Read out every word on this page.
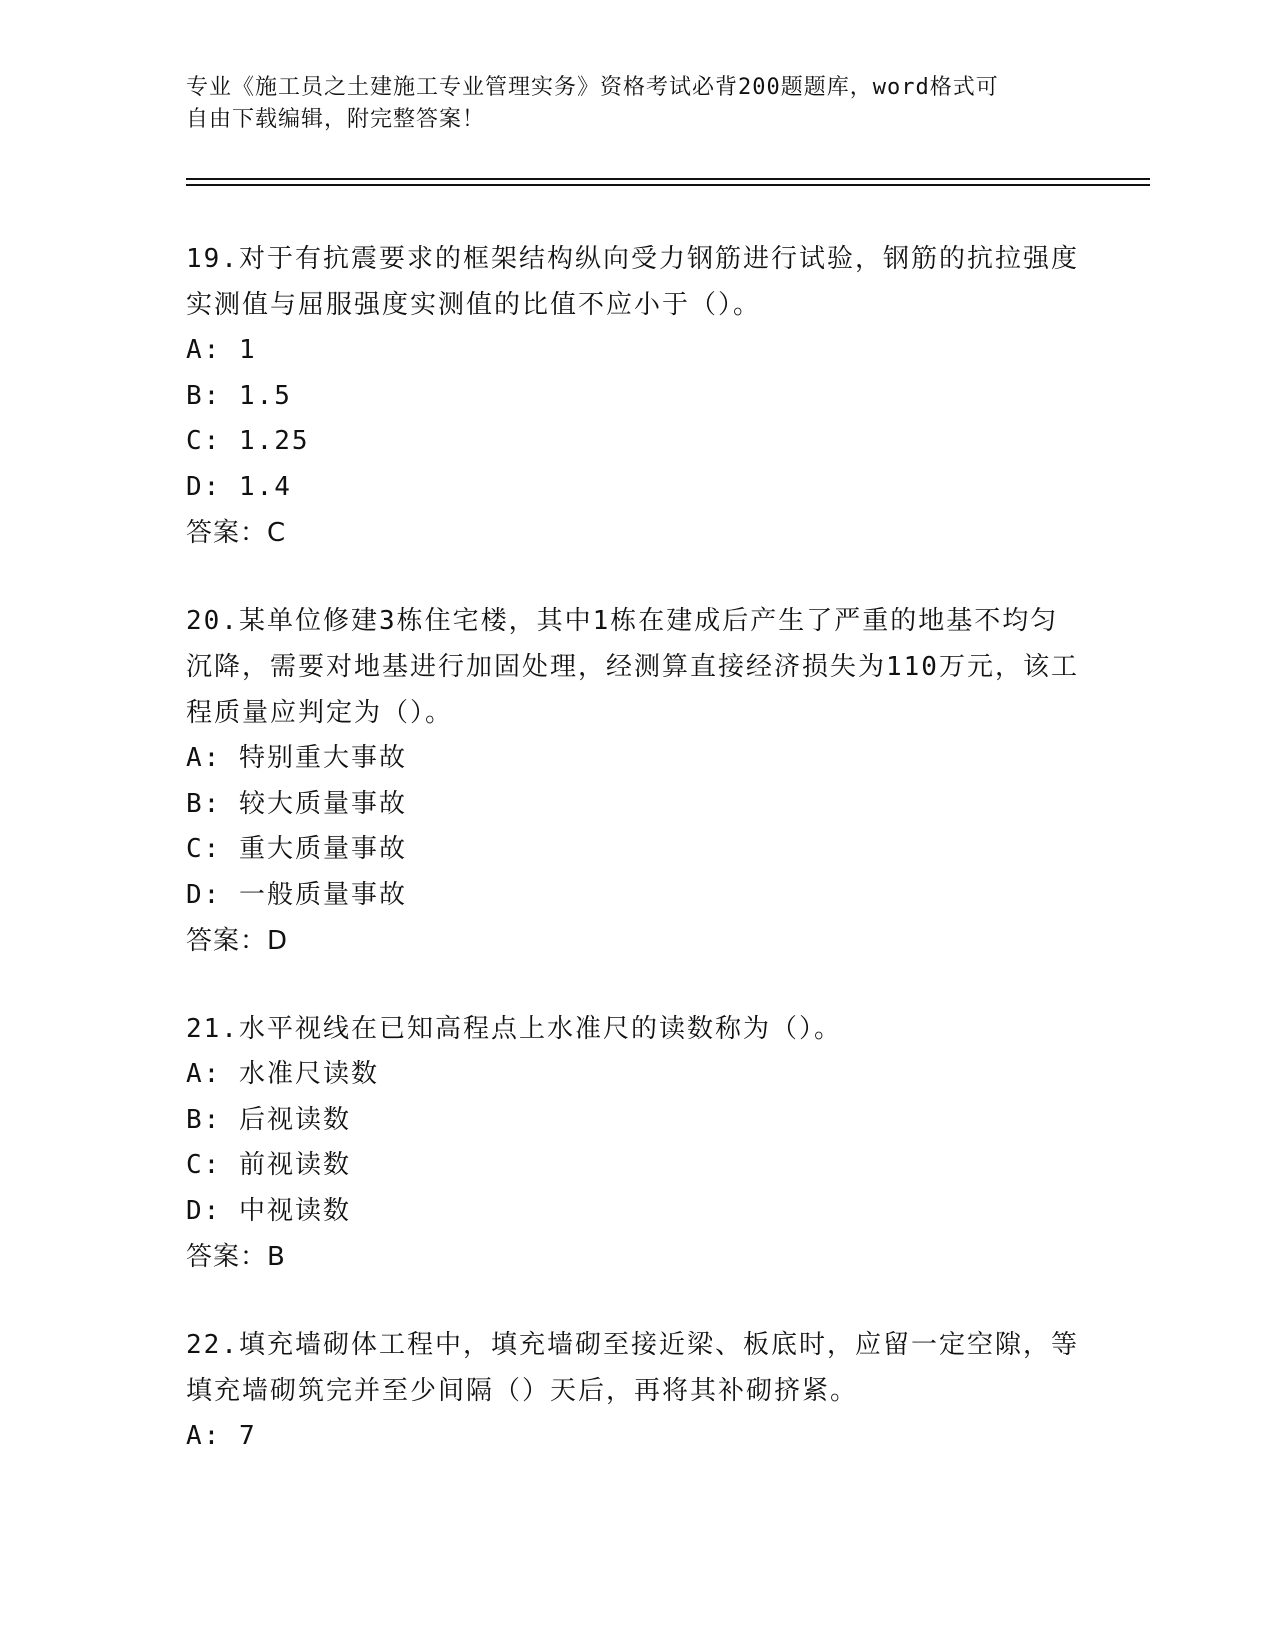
专业《施工员之土建施工专业管理实务》资格考试必背200题题库，word格式可
自由下载编辑，附完整答案！

19.对于有抗震要求的框架结构纵向受力钢筋进行试验，钢筋的抗拉强度实测值与屈服强度实测值的比值不应小于（）。

A: 1

B: 1.5

C: 1.25

D: 1.4

答案：C

20.某单位修建3栋住宅楼，其中1栋在建成后产生了严重的地基不均匀沉降，需要对地基进行加固处理，经测算直接经济损失为110万元，该工程质量应判定为（）。

A: 特别重大事故

B: 较大质量事故

C: 重大质量事故

D: 一般质量事故

答案：D

21.水平视线在已知高程点上水准尺的读数称为（）。

A: 水准尺读数

B: 后视读数

C: 前视读数

D: 中视读数

答案：B

22.填充墙砌体工程中，填充墙砌至接近梁、板底时，应留一定空隙，等填充墙砌筑完并至少间隔（）天后，再将其补砌挤紧。

A: 7
